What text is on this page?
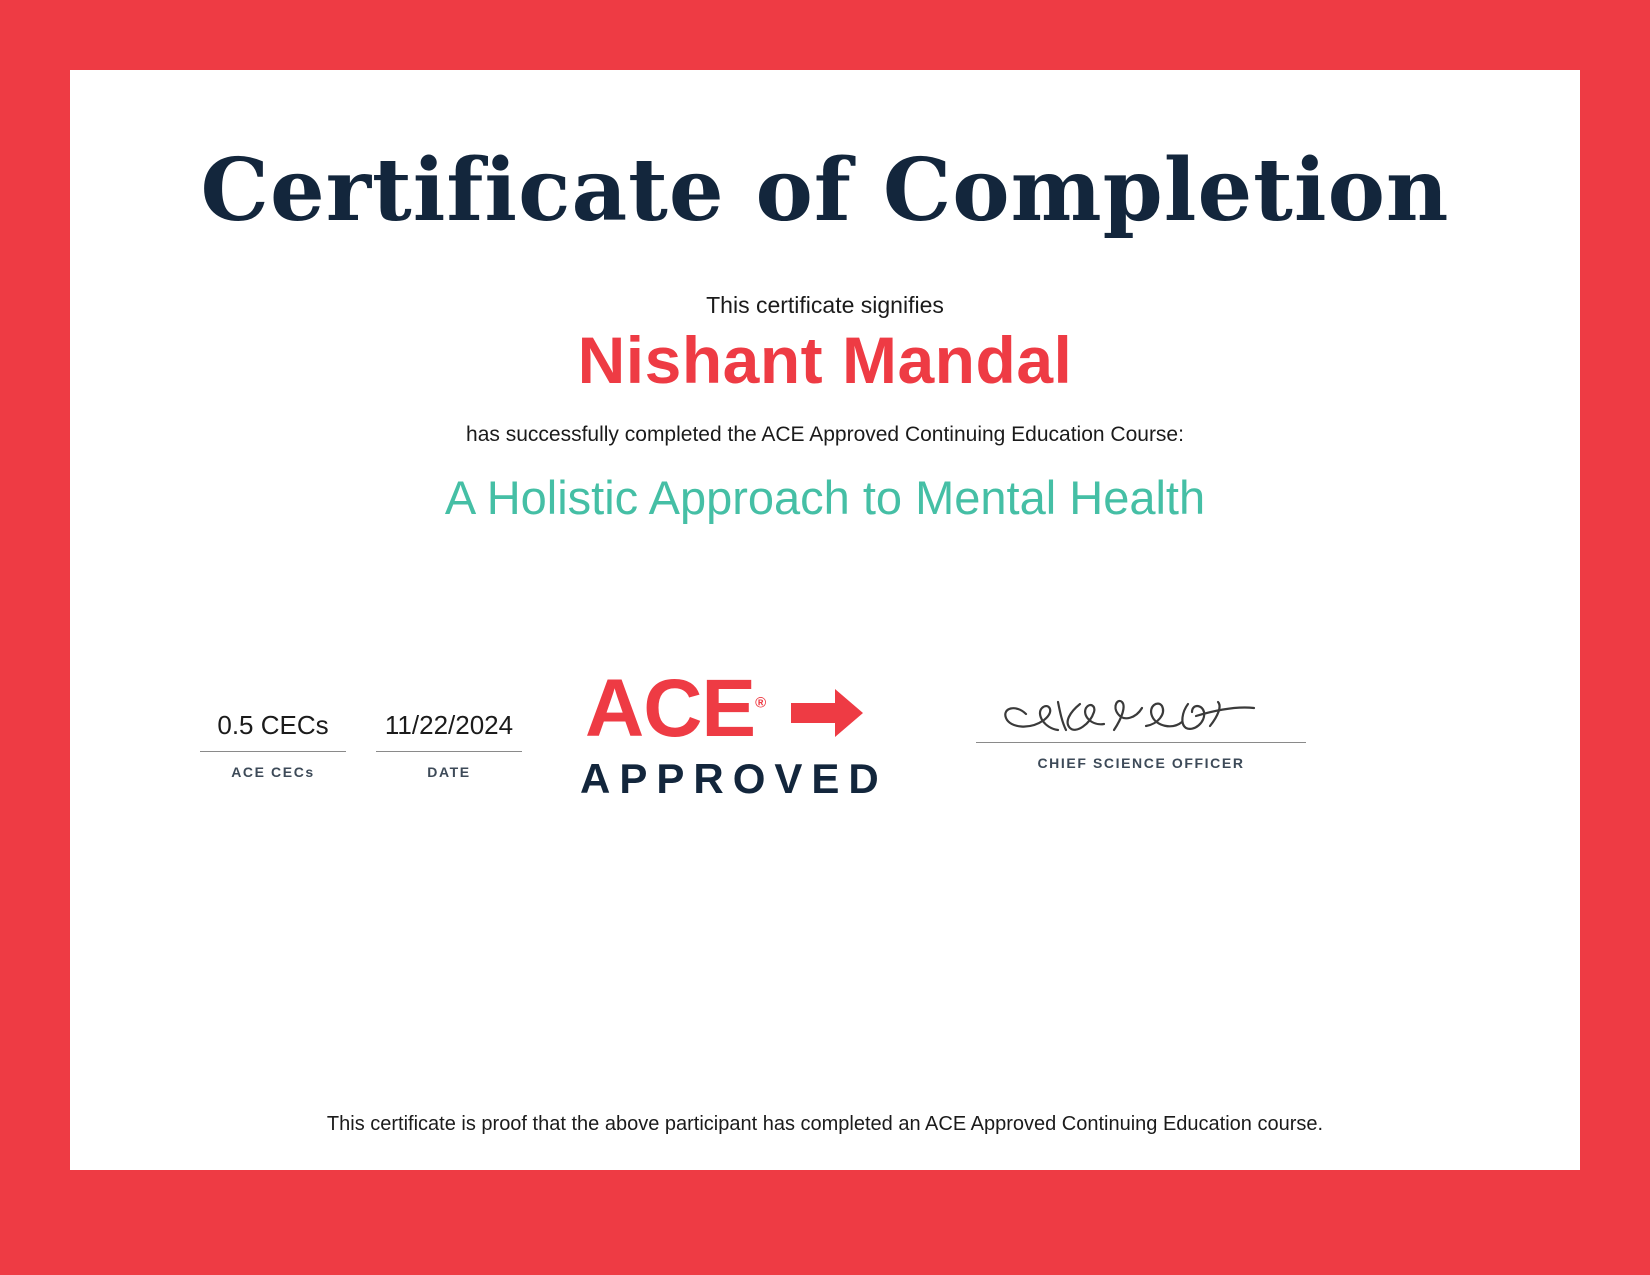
Certificate of Completion
This certificate signifies
Nishant Mandal
has successfully completed the ACE Approved Continuing Education Course:
A Holistic Approach to Mental Health
0.5 CECs
ACE CECs
11/22/2024
DATE
ACE®
APPROVED	CHIEF SCIENCE OFFICER
This certificate is proof that the above participant has completed an ACE Approved Continuing Education course.
